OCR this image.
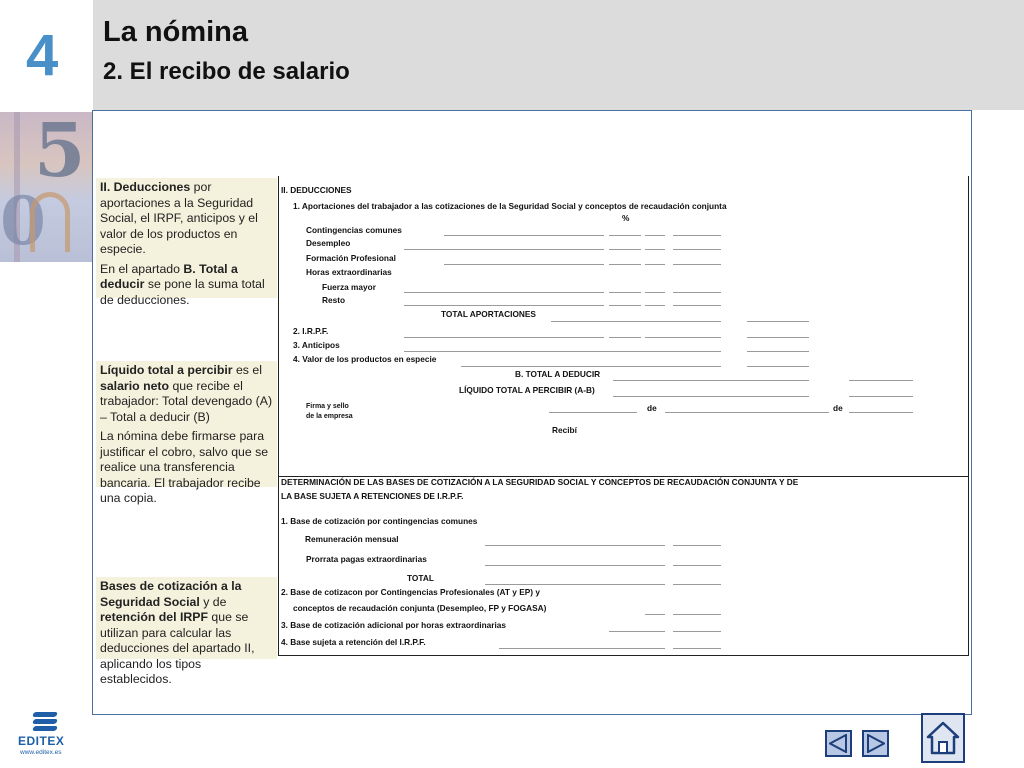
4 La nómina
2. El recibo de salario
5
0	II. Deducciones por aportaciones a la Seguridad Social, el IRPF, anticipos y el valor de los productos en especie.

En el apartado B. Total a deducir se pone la suma total de deducciones.

Líquido total a percibir es el salario neto que recibe el trabajador: Total devengado (A) – Total a deducir (B)

La nómina debe firmarse para justificar el cobro, salvo que se realice una transferencia bancaria. El trabajador recibe una copia.

Bases de cotización a la Seguridad Social y de retención del IRPF que se utilizan para calcular las deducciones del apartado II, aplicando los tipos establecidos.

II. DEDUCCIONES
1. Aportaciones del trabajador a las cotizaciones de la Seguridad Social y conceptos de recaudación conjunta
%
Contingencias comunes
Desempleo
Formación Profesional
Horas extraordinarias
Fuerza mayor
Resto
TOTAL APORTACIONES
2. I.R.P.F.
3. Anticipos
4. Valor de los productos en especie
B. TOTAL A DEDUCIR
LÍQUIDO TOTAL A PERCIBIR (A-B)
Firma y sello
de la empresa
de	de
Recibí
DETERMINACIÓN DE LAS BASES DE COTIZACIÓN A LA SEGURIDAD SOCIAL Y CONCEPTOS DE RECAUDACIÓN CONJUNTA Y DE
LA BASE SUJETA A RETENCIONES DE I.R.P.F.
1. Base de cotización por contingencias comunes
Remuneración mensual
Prorrata pagas extraordinarias
TOTAL
2. Base de cotizacon por Contingencias Profesionales (AT y EP) y
conceptos de recaudación conjunta (Desempleo, FP y FOGASA)
3. Base de cotización adicional por horas extraordinarias
4. Base sujeta a retención del I.R.P.F.
EDITEX
www.editex.es
